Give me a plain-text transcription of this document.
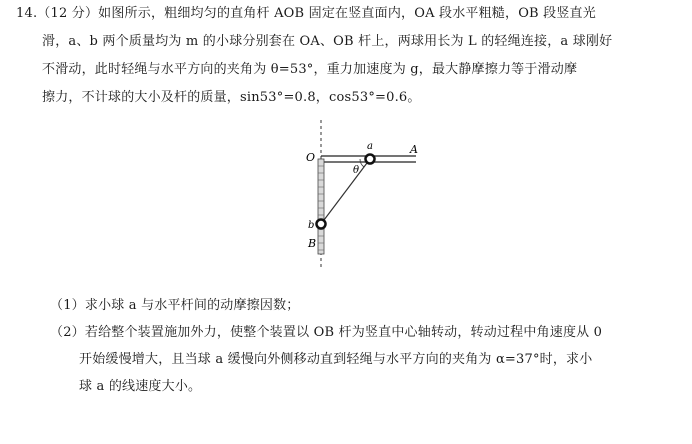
14.（12 分）如图所示，粗细均匀的直角杆 AOB 固定在竖直面内，OA 段水平粗糙，OB 段竖直光
滑，a、b 两个质量均为 m 的小球分别套在 OA、OB 杆上，两球用长为 L 的轻绳连接，a 球刚好
不滑动，此时轻绳与水平方向的夹角为 θ=53°，重力加速度为 g，最大静摩擦力等于滑动摩
擦力，不计球的大小及杆的质量，sin53°=0.8，cos53°=0.6。
O
A
B
a
b
θ
（1）求小球 a 与水平杆间的动摩擦因数；
（2）若给整个装置施加外力，使整个装置以 OB 杆为竖直中心轴转动，转动过程中角速度从 0
开始缓慢增大，且当球 a 缓慢向外侧移动直到轻绳与水平方向的夹角为 α=37°时，求小
球 a 的线速度大小。
